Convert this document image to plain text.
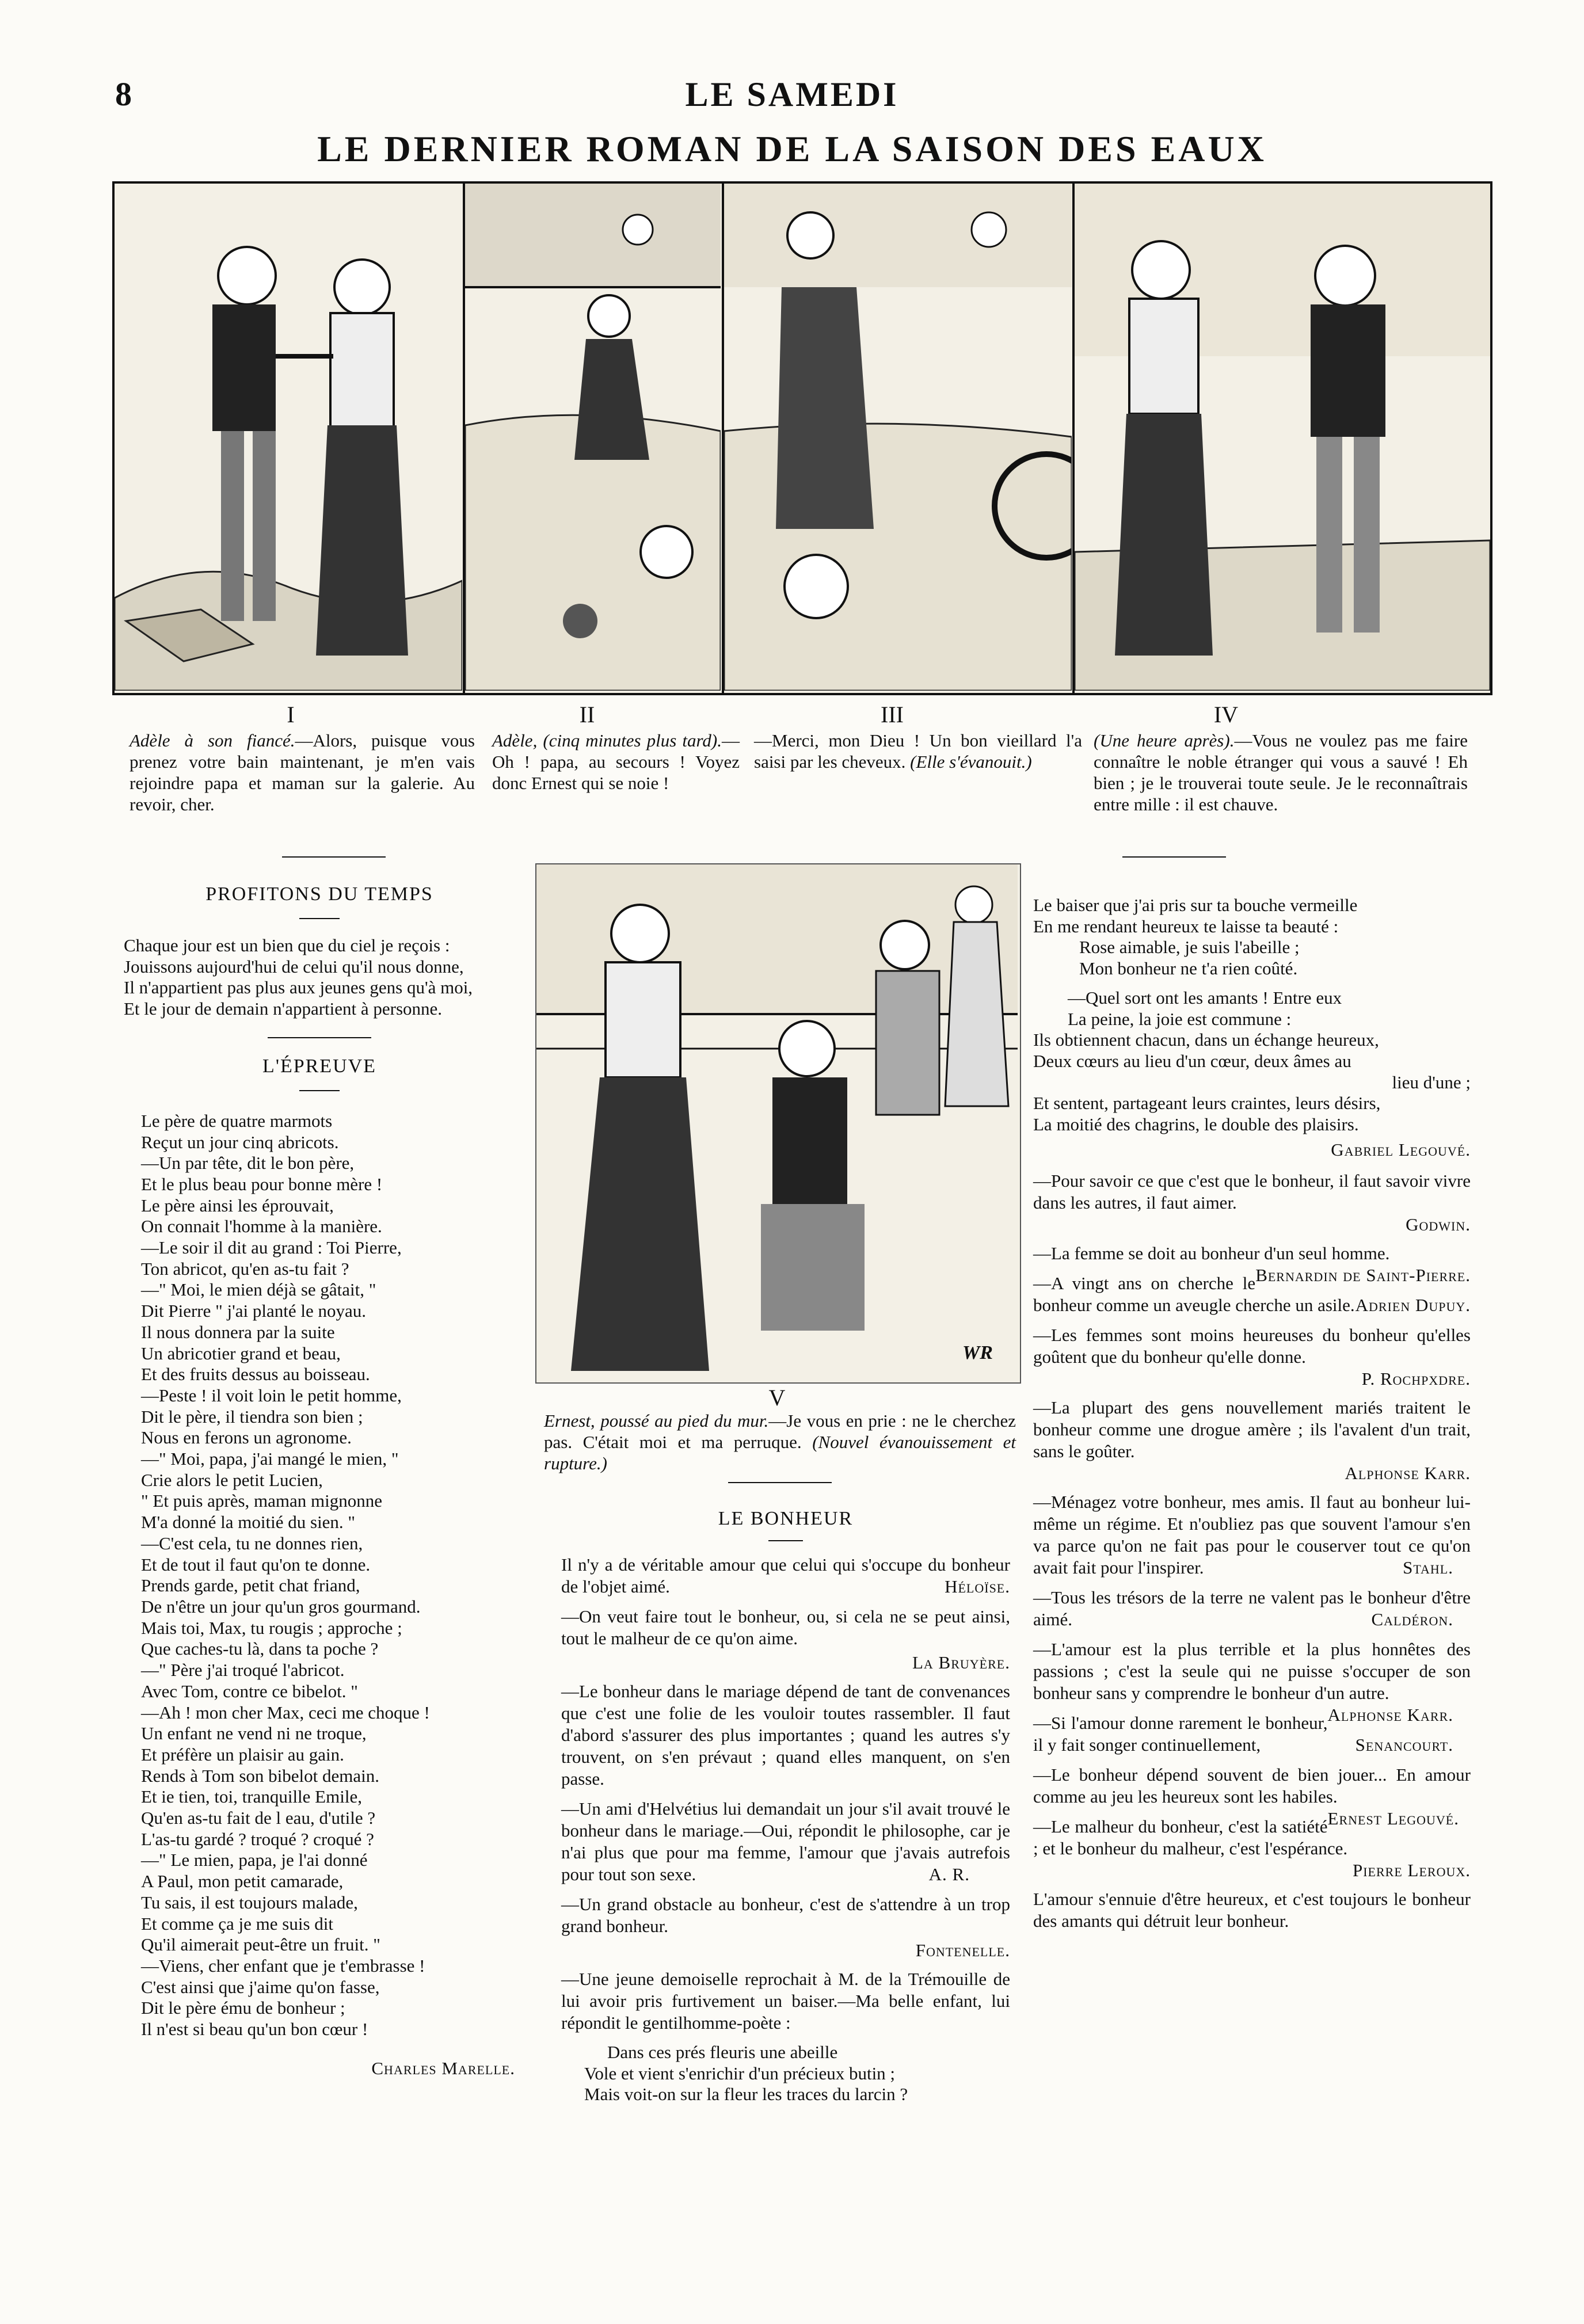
8	LE SAMEDI
LE DERNIER ROMAN DE LA SAISON DES EAUX
I	II	III	IV
Adèle à son fiancé.—Alors, puisque vous prenez votre bain maintenant, je m'en vais rejoindre papa et maman sur la galerie. Au revoir, cher.
Adèle, (cinq minutes plus tard).—Oh ! papa, au secours ! Voyez donc Ernest qui se noie !
—Merci, mon Dieu ! Un bon vieillard l'a saisi par les cheveux. (Elle s'évanouit.)
(Une heure après).—Vous ne voulez pas me faire connaître le noble étranger qui vous a sauvé ! Eh bien ; je le trouverai toute seule. Je le reconnaîtrais entre mille : il est chauve.
PROFITONS DU TEMPS
Chaque jour est un bien que du ciel je reçois :
Jouissons aujourd'hui de celui qu'il nous donne,
Il n'appartient pas plus aux jeunes gens qu'à moi,
Et le jour de demain n'appartient à personne.
L'ÉPREUVE
Le père de quatre marmots
Reçut un jour cinq abricots.
—Un par tête, dit le bon père,
Et le plus beau pour bonne mère !
Le père ainsi les éprouvait,
On connait l'homme à la manière.
—Le soir il dit au grand : Toi Pierre,
Ton abricot, qu'en as-tu fait ?
—" Moi, le mien déjà se gâtait, "
Dit Pierre " j'ai planté le noyau.
Il nous donnera par la suite
Un abricotier grand et beau,
Et des fruits dessus au boisseau.
—Peste ! il voit loin le petit homme,
Dit le père, il tiendra son bien ;
Nous en ferons un agronome.
—" Moi, papa, j'ai mangé le mien, "
Crie alors le petit Lucien,
" Et puis après, maman mignonne
M'a donné la moitié du sien. "
—C'est cela, tu ne donnes rien,
Et de tout il faut qu'on te donne.
Prends garde, petit chat friand,
De n'être un jour qu'un gros gourmand.
Mais toi, Max, tu rougis ; approche ;
Que caches-tu là, dans ta poche ?
—" Père j'ai troqué l'abricot.
Avec Tom, contre ce bibelot. "
—Ah ! mon cher Max, ceci me choque !
Un enfant ne vend ni ne troque,
Et préfère un plaisir au gain.
Rends à Tom son bibelot demain.
Et ie tien, toi, tranquille Emile,
Qu'en as-tu fait de l eau, d'utile ?
L'as-tu gardé ? troqué ? croqué ?
—" Le mien, papa, je l'ai donné
A Paul, mon petit camarade,
Tu sais, il est toujours malade,
Et comme ça je me suis dit
Qu'il aimerait peut-être un fruit. "
—Viens, cher enfant que je t'embrasse !
C'est ainsi que j'aime qu'on fasse,
Dit le père ému de bonheur ;
Il n'est si beau qu'un bon cœur !
Charles Marelle.
WR
V
Ernest, poussé au pied du mur.—Je vous en prie : ne le cherchez pas. C'était moi et ma perruque. (Nouvel évanouissement et rupture.)
LE BONHEUR

Il n'y a de véritable amour que celui qui s'occupe du bonheur de l'objet aimé.	Héloïse.

—On veut faire tout le bonheur, ou, si cela ne se peut ainsi, tout le malheur de ce qu'on aime.

La Bruyère.

—Le bonheur dans le mariage dépend de tant de convenances que c'est une folie de les vouloir toutes rassembler. Il faut d'abord s'assurer des plus importantes ; quand les autres s'y trouvent, on s'en prévaut ; quand elles manquent, on s'en passe.

—Un ami d'Helvétius lui demandait un jour s'il avait trouvé le bonheur dans le mariage.—Oui, répondit le philosophe, car je n'ai plus que pour ma femme, l'amour que j'avais autrefois pour tout son sexe.	A. R.

—Un grand obstacle au bonheur, c'est de s'attendre à un trop grand bonheur.

Fontenelle.

—Une jeune demoiselle reprochait à M. de la Trémouille de lui avoir pris furtivement un baiser.—Ma belle enfant, lui répondit le gentilhomme-poète :

Dans ces prés fleuris une abeille
Vole et vient s'enrichir d'un précieux butin ;
Mais voit-on sur la fleur les traces du larcin ?
Le baiser que j'ai pris sur ta bouche vermeille
En me rendant heureux te laisse ta beauté :
Rose aimable, je suis l'abeille ;
Mon bonheur ne t'a rien coûté.
—Quel sort ont les amants ! Entre eux
La peine, la joie est commune :
Ils obtiennent chacun, dans un échange heureux,
Deux cœurs au lieu d'un cœur, deux âmes au
lieu d'une ;
Et sentent, partageant leurs craintes, leurs désirs,
La moitié des chagrins, le double des plaisirs.
Gabriel Legouvé.

—Pour savoir ce que c'est que le bonheur, il faut savoir vivre dans les autres, il faut aimer.

Godwin.

—La femme se doit au bonheur d'un seul homme.
Bernardin de Saint-Pierre.

—A vingt ans on cherche le bonheur comme un aveugle cherche un asile. Adrien Dupuy.

—Les femmes sont moins heureuses du bonheur qu'elles goûtent que du bonheur qu'elle donne.

P. Rochpxdre.

—La plupart des gens nouvellement mariés traitent le bonheur comme une drogue amère ; ils l'avalent d'un trait, sans le goûter.

Alphonse Karr.

—Ménagez votre bonheur, mes amis. Il faut au bonheur lui-même un régime. Et n'oubliez pas que souvent l'amour s'en va parce qu'on ne fait pas pour le couserver tout ce qu'on avait fait pour l'inspirer.	Stahl.

—Tous les trésors de la terre ne valent pas le bonheur d'être aimé.	Caldéron.

—L'amour est la plus terrible et la plus honnêtes des passions ; c'est la seule qui ne puisse s'occuper de son bonheur sans y comprendre le bonheur d'un autre.
Alphonse Karr.

—Si l'amour donne rarement le bonheur, il y fait songer continuellement,	Senancourt.

—Le bonheur dépend souvent de bien jouer... En amour comme au jeu les heureux sont les habiles.
Ernest Legouvé.

—Le malheur du bonheur, c'est la satiété ; et le bonheur du malheur, c'est l'espérance.

Pierre Leroux.

L'amour s'ennuie d'être heureux, et c'est toujours le bonheur des amants qui détruit leur bonheur.
